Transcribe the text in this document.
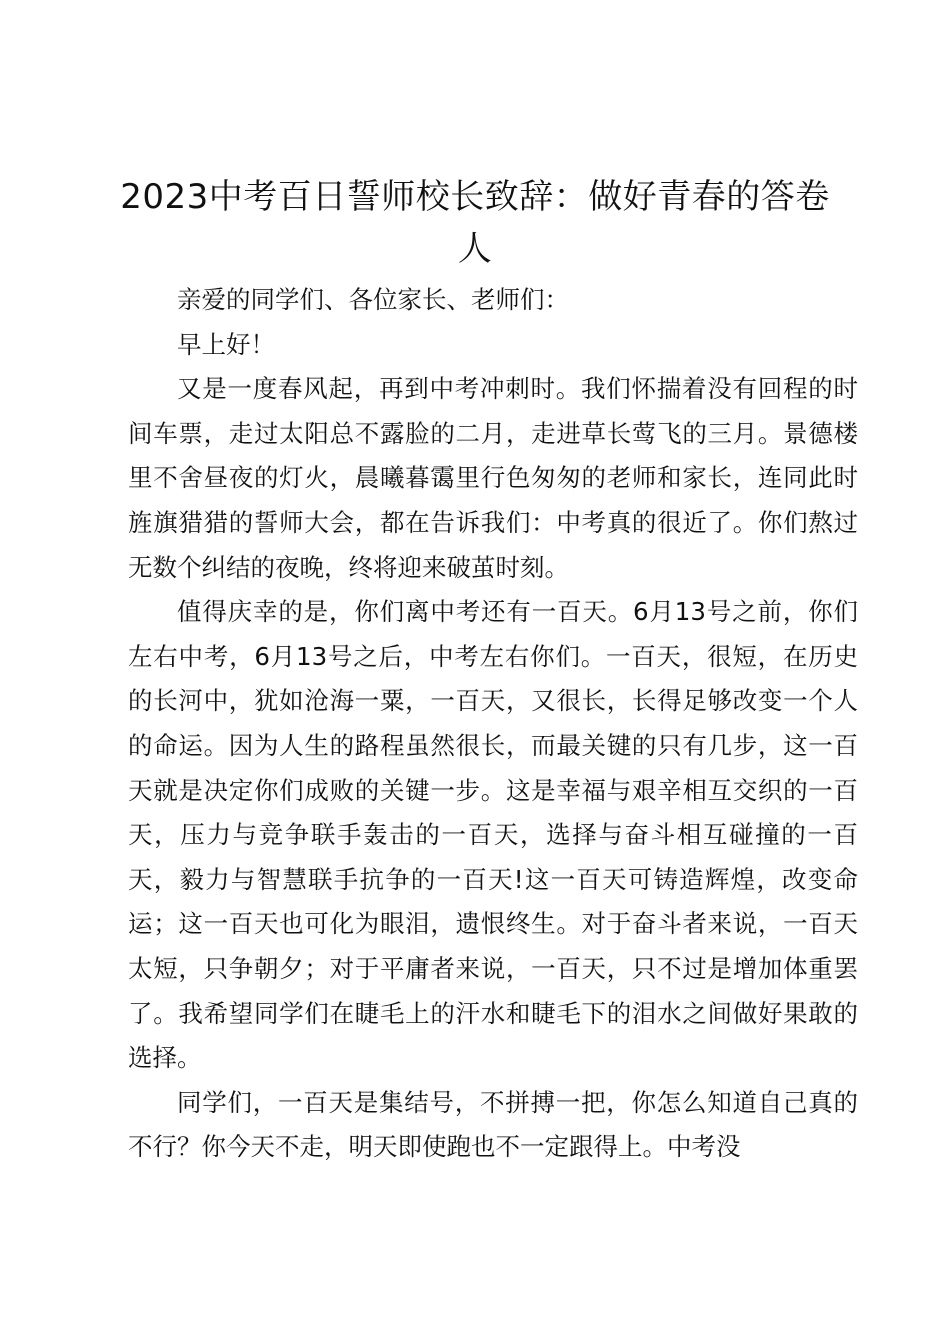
2023中考百日誓师校长致辞：做好青春的答卷人

亲爱的同学们、各位家长、老师们：

早上好！

又是一度春风起，再到中考冲刺时。我们怀揣着没有回程的时间车票，走过太阳总不露脸的二月，走进草长莺飞的三月。景德楼里不舍昼夜的灯火，晨曦暮霭里行色匆匆的老师和家长，连同此时旌旗猎猎的誓师大会，都在告诉我们：中考真的很近了。你们熬过无数个纠结的夜晚，终将迎来破茧时刻。

值得庆幸的是，你们离中考还有一百天。6月13号之前，你们左右中考，6月13号之后，中考左右你们。一百天，很短，在历史的长河中，犹如沧海一粟，一百天，又很长，长得足够改变一个人的命运。因为人生的路程虽然很长，而最关键的只有几步，这一百天就是决定你们成败的关键一步。这是幸福与艰辛相互交织的一百天，压力与竞争联手轰击的一百天，选择与奋斗相互碰撞的一百天，毅力与智慧联手抗争的一百天!这一百天可铸造辉煌，改变命运；这一百天也可化为眼泪，遗恨终生。对于奋斗者来说，一百天太短，只争朝夕；对于平庸者来说，一百天，只不过是增加体重罢了。我希望同学们在睫毛上的汗水和睫毛下的泪水之间做好果敢的选择。

同学们，一百天是集结号，不拼搏一把，你怎么知道自己真的不行？你今天不走，明天即使跑也不一定跟得上。中考没
